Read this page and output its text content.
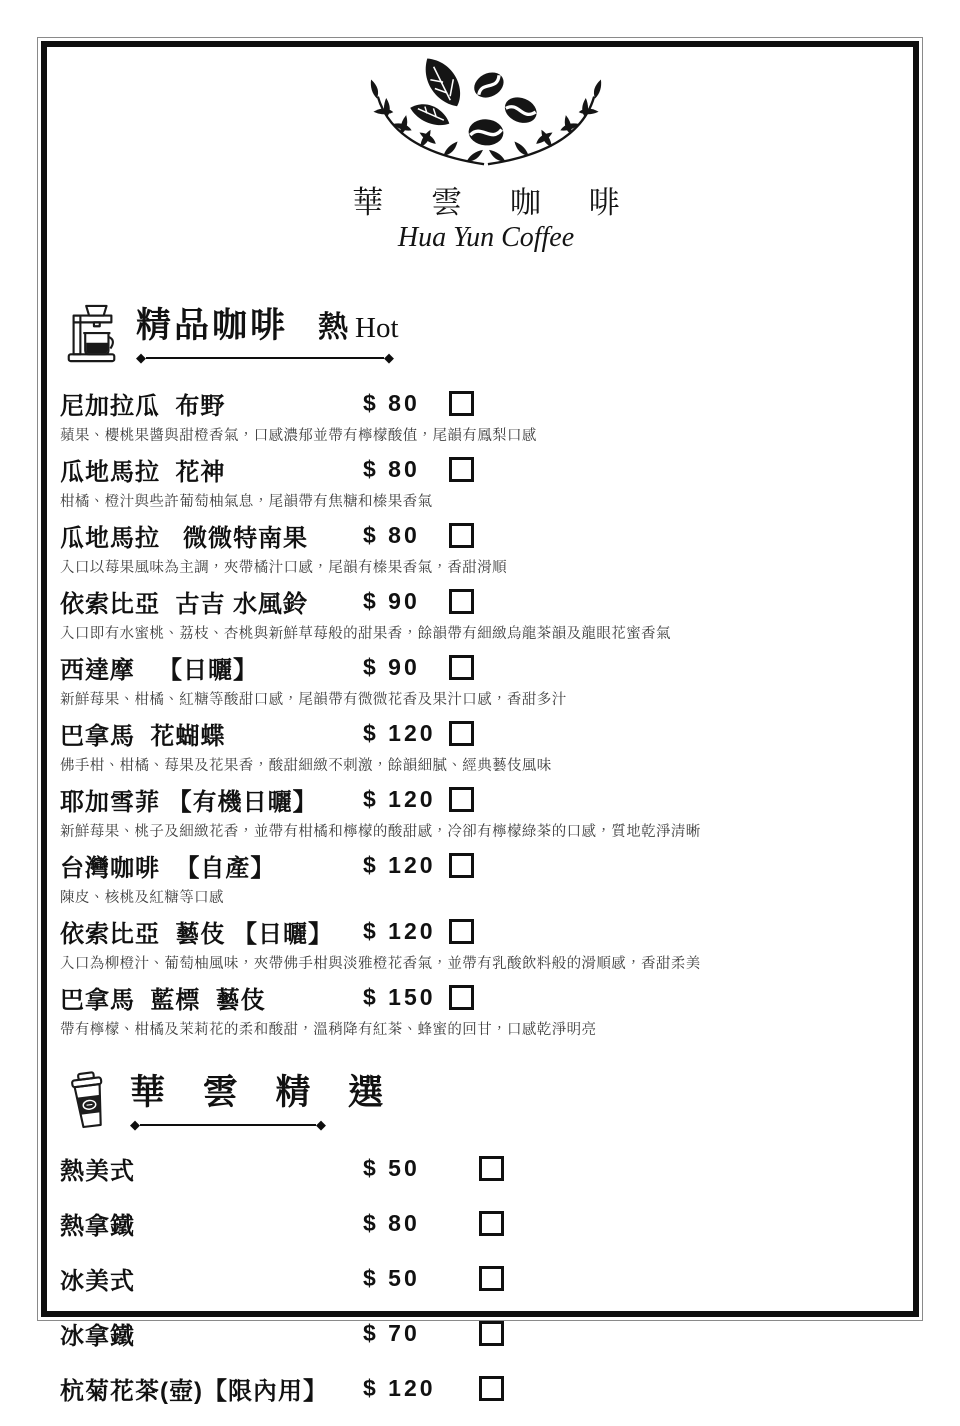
華 雲 咖 啡
Hua Yun Coffee
精品咖啡 熱 Hot
◆	◆
尼加拉瓜  布野	$ 80
蘋果、櫻桃果醬與甜橙香氣，口感濃郁並帶有檸檬酸值，尾韻有鳳梨口感
瓜地馬拉  花神	$ 80
柑橘、橙汁與些許葡萄柚氣息，尾韻帶有焦糖和榛果香氣
瓜地馬拉   微微特南果	$ 80
入口以莓果風味為主調，夾帶橘汁口感，尾韻有榛果香氣，香甜滑順
依索比亞  古吉 水風鈴	$ 90
入口即有水蜜桃、荔枝、杏桃與新鮮草莓般的甜果香，餘韻帶有細緻烏龍茶韻及龍眼花蜜香氣
西達摩   【日曬】	$ 90
新鮮莓果、柑橘、紅糖等酸甜口感，尾韻帶有微微花香及果汁口感，香甜多汁
巴拿馬  花蝴蝶	$ 120
佛手柑、柑橘、莓果及花果香，酸甜細緻不刺激，餘韻細膩、經典藝伎風味
耶加雪菲 【有機日曬】	$ 120
新鮮莓果、桃子及細緻花香，並帶有柑橘和檸檬的酸甜感，冷卻有檸檬綠茶的口感，質地乾淨清晰
台灣咖啡  【自產】	$ 120
陳皮、核桃及紅糖等口感
依索比亞  藝伎 【日曬】	$ 120
入口為柳橙汁、葡萄柚風味，夾帶佛手柑與淡雅橙花香氣，並帶有乳酸飲料般的滑順感，香甜柔美
巴拿馬  藍標  藝伎	$ 150
帶有檸檬、柑橘及茉莉花的柔和酸甜，溫稍降有紅茶、蜂蜜的回甘，口感乾淨明亮
華 雲 精 選
◆	◆
熱美式	$ 50
熱拿鐵	$ 80
冰美式	$ 50
冰拿鐵	$ 70
杭菊花茶(壺)【限內用】	$ 120
